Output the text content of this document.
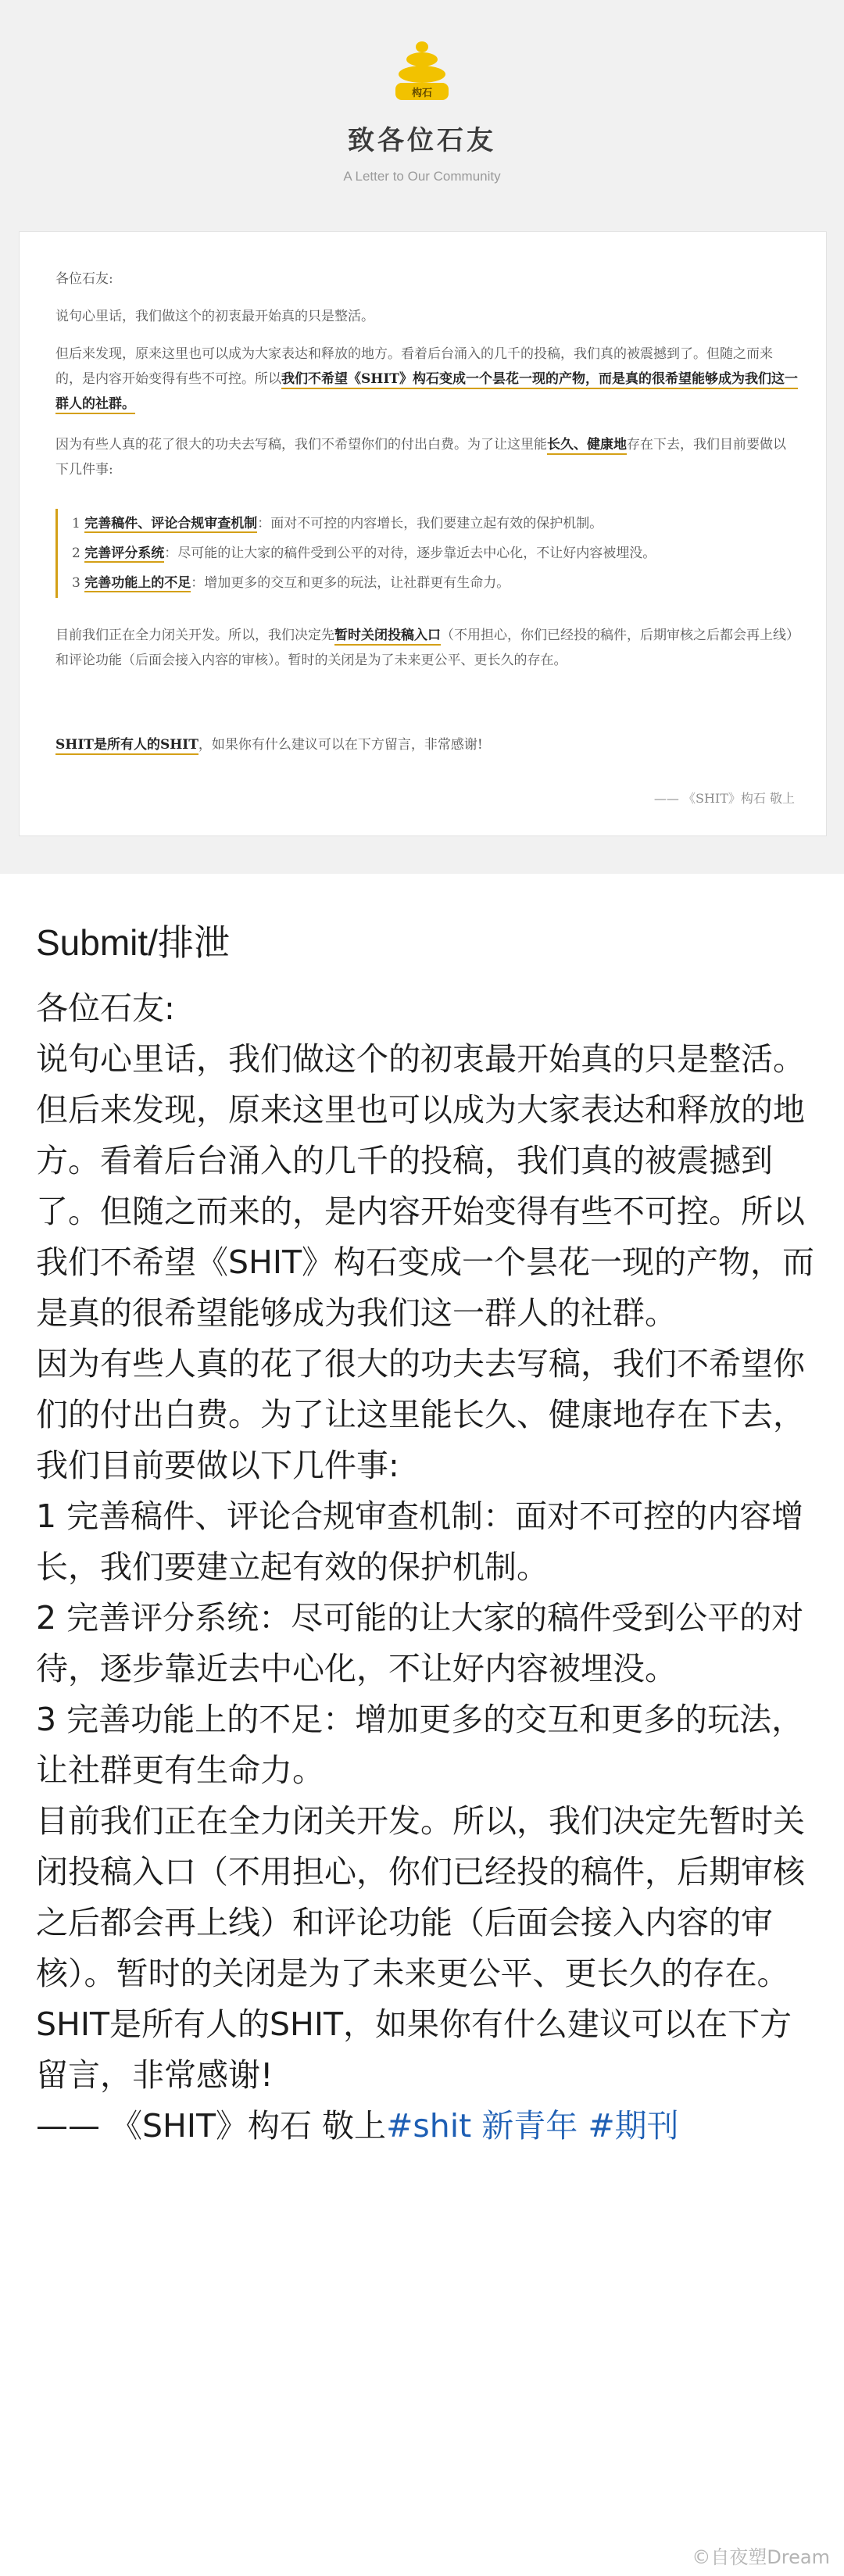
构石
致各位石友
A Letter to Our Community

各位石友:

说句心里话，我们做这个的初衷最开始真的只是整活。

但后来发现，原来这里也可以成为大家表达和释放的地方。看着后台涌入的几千的投稿，我们真的被震撼到了。但随之而来的，是内容开始变得有些不可控。所以我们不希望《SHIT》构石变成一个昙花一现的产物，而是真的很希望能够成为我们这一群人的社群。

因为有些人真的花了很大的功夫去写稿，我们不希望你们的付出白费。为了让这里能长久、健康地存在下去，我们目前要做以下几件事:

1 完善稿件、评论合规审查机制：面对不可控的内容增长，我们要建立起有效的保护机制。
2 完善评分系统：尽可能的让大家的稿件受到公平的对待，逐步靠近去中心化，不让好内容被埋没。
3 完善功能上的不足：增加更多的交互和更多的玩法，让社群更有生命力。

目前我们正在全力闭关开发。所以，我们决定先暂时关闭投稿入口（不用担心，你们已经投的稿件，后期审核之后都会再上线）和评论功能（后面会接入内容的审核）。暂时的关闭是为了未来更公平、更长久的存在。

SHIT是所有人的SHIT，如果你有什么建议可以在下方留言，非常感谢!

—— 《SHIT》构石 敬上
Submit/排泄

各位石友:

说句心里话，我们做这个的初衷最开始真的只是整活。

但后来发现，原来这里也可以成为大家表达和释放的地方。看着后台涌入的几千的投稿，我们真的被震撼到了。但随之而来的，是内容开始变得有些不可控。所以我们不希望《SHIT》构石变成一个昙花一现的产物，而是真的很希望能够成为我们这一群人的社群。

因为有些人真的花了很大的功夫去写稿，我们不希望你们的付出白费。为了让这里能长久、健康地存在下去，我们目前要做以下几件事:

1 完善稿件、评论合规审查机制：面对不可控的内容增长，我们要建立起有效的保护机制。

2 完善评分系统：尽可能的让大家的稿件受到公平的对待，逐步靠近去中心化，不让好内容被埋没。

3 完善功能上的不足：增加更多的交互和更多的玩法，让社群更有生命力。

目前我们正在全力闭关开发。所以，我们决定先暂时关闭投稿入口（不用担心，你们已经投的稿件，后期审核之后都会再上线）和评论功能（后面会接入内容的审核）。暂时的关闭是为了未来更公平、更长久的存在。

SHIT是所有人的SHIT，如果你有什么建议可以在下方留言，非常感谢!

—— 《SHIT》构石 敬上#shit 新青年 #期刊

©自夜塑Dream
